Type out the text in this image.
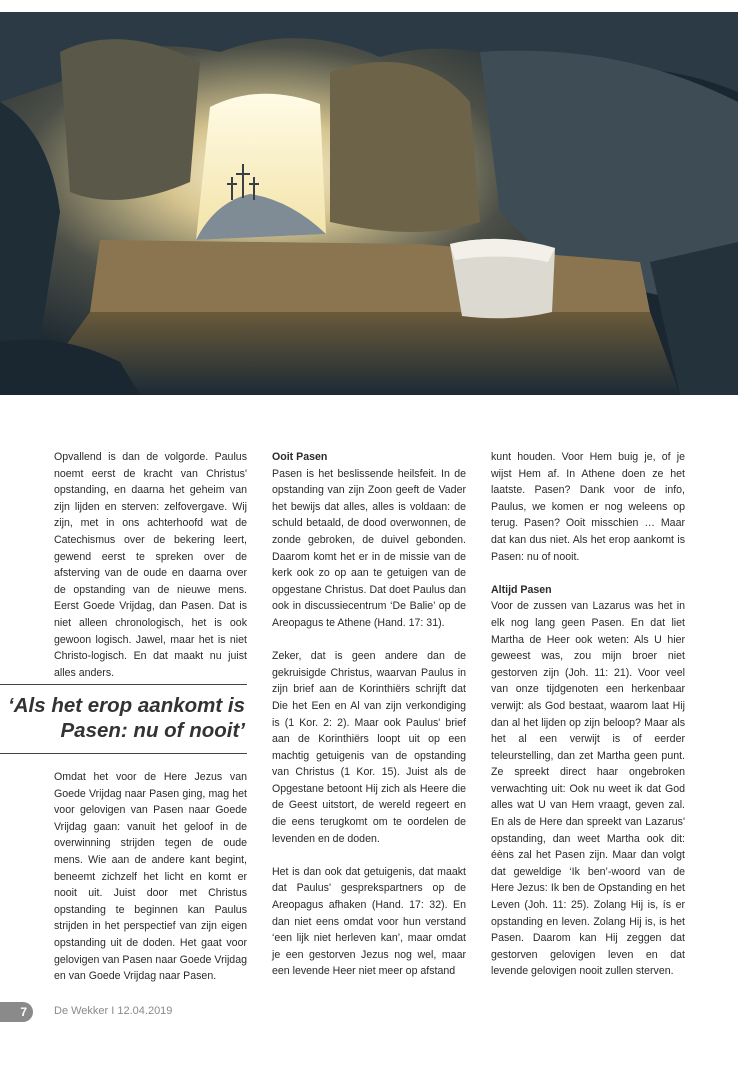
Opvallend is dan de volgorde. Paulus noemt eerst de kracht van Christus' opstanding, en daarna het geheim van zijn lijden en sterven: zelfovergave. Wij zijn, met in ons achterhoofd wat de Catechismus over de bekering leert, gewend eerst te spreken over de afsterving van de oude en daarna over de opstanding van de nieuwe mens. Eerst Goede Vrijdag, dan Pasen. Dat is niet alleen chronologisch, het is ook gewoon logisch. Jawel, maar het is niet Christo-logisch. En dat maakt nu juist alles anders.

‘Als het erop aankomt is
Pasen: nu of nooit’

Omdat het voor de Here Jezus van Goede Vrijdag naar Pasen ging, mag het voor gelovigen van Pasen naar Goede Vrijdag gaan: vanuit het geloof in de overwinning strijden tegen de oude mens. Wie aan de andere kant begint, beneemt zichzelf het licht en komt er nooit uit. Juist door met Christus opstanding te beginnen kan Paulus strijden in het perspectief van zijn eigen opstanding uit de doden. Het gaat voor gelovigen van Pasen naar Goede Vrijdag en van Goede Vrijdag naar Pasen.

Ooit Pasen

Pasen is het beslissende heilsfeit. In de opstanding van zijn Zoon geeft de Vader het bewijs dat alles, alles is voldaan: de schuld betaald, de dood overwonnen, de zonde gebroken, de duivel gebonden. Daarom komt het er in de missie van de kerk ook zo op aan te getuigen van de opgestane Christus. Dat doet Paulus dan ook in discussiecentrum ‘De Balie’ op de Areopagus te Athene (Hand. 17: 31).

Zeker, dat is geen andere dan de gekruisigde Christus, waarvan Paulus in zijn brief aan de Korinthiërs schrijft dat Die het Een en Al van zijn verkondiging is (1 Kor. 2: 2). Maar ook Paulus' brief aan de Korinthiërs loopt uit op een machtig getuigenis van de opstanding van Christus (1 Kor. 15). Juist als de Opgestane betoont Hij zich als Heere die de Geest uitstort, de wereld regeert en die eens terugkomt om te oordelen de levenden en de doden.

Het is dan ook dat getuigenis, dat maakt dat Paulus' gesprekspartners op de Areopagus afhaken (Hand. 17: 32). En dan niet eens omdat voor hun verstand ‘een lijk niet herleven kan’, maar omdat je een gestorven Jezus nog wel, maar een levende Heer niet meer op afstand

kunt houden. Voor Hem buig je, of je wijst Hem af. In Athene doen ze het laatste. Pasen? Dank voor de info, Paulus, we komen er nog weleens op terug. Pasen? Ooit misschien … Maar dat kan dus niet. Als het erop aankomt is Pasen: nu of nooit.

Altijd Pasen

Voor de zussen van Lazarus was het in elk nog lang geen Pasen. En dat liet Martha de Heer ook weten: Als U hier geweest was, zou mijn broer niet gestorven zijn (Joh. 11: 21). Voor veel van onze tijdgenoten een herkenbaar verwijt: als God bestaat, waarom laat Hij dan al het lijden op zijn beloop? Maar als het al een verwijt is of eerder teleurstelling, dan zet Martha geen punt. Ze spreekt direct haar ongebroken verwachting uit: Ook nu weet ik dat God alles wat U van Hem vraagt, geven zal. En als de Here dan spreekt van Lazarus' opstanding, dan weet Martha ook dit: éèns zal het Pasen zijn. Maar dan volgt dat geweldige ‘Ik ben’-woord van de Here Jezus: Ik ben de Opstanding en het Leven (Joh. 11: 25). Zolang Hij is, ís er opstanding en leven. Zolang Hij is, is het Pasen. Daarom kan Hij zeggen dat gestorven gelovigen leven en dat levende gelovigen nooit zullen sterven.

7	De Wekker I 12.04.2019
